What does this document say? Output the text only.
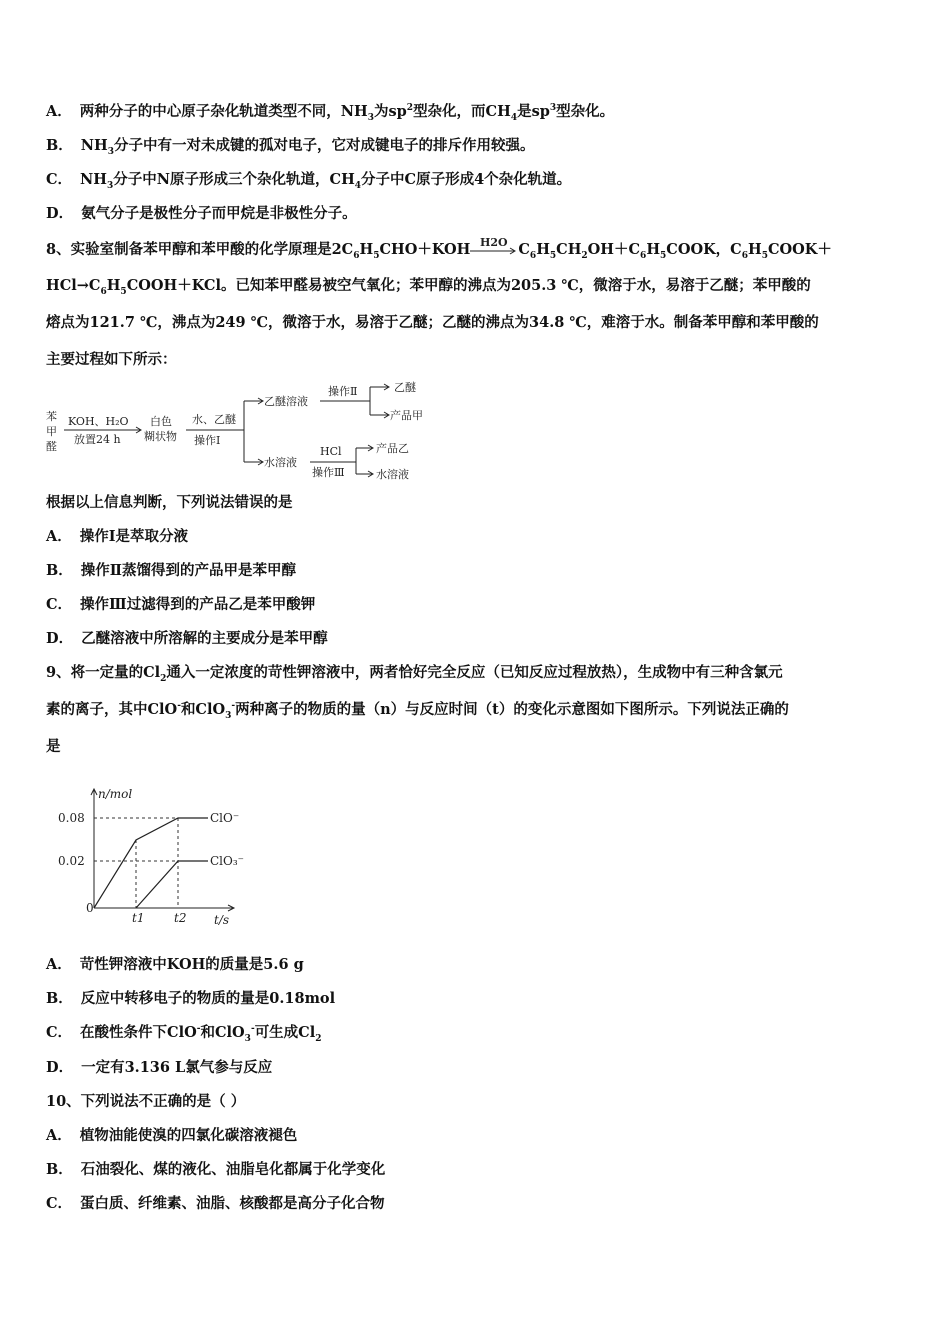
A． 两种分子的中心原子杂化轨道类型不同，$NH_3$为$sp^2$型杂化，而$CH_4$是$sp^3$型杂化。
B． $NH_3$分子中有一对未成键的孤对电子，它对成键电子的排斥作用较强。
C． $NH_3$分子中N原子形成三个杂化轨道，$CH_4$分子中C原子形成4个杂化轨道。
D． 氨气分子是极性分子而甲烷是非极性分子。
8、实验室制备苯甲醇和苯甲酸的化学原理是$2C_6H_5CHO+KOH$ H2O $C_6H_5CH_2OH+C_6H_5COOK$，$C_6H_5COOK+$
$HCl\to C_6H_5COOH+KCl$。已知苯甲醛易被空气氧化；苯甲醇的沸点为205.3 ℃，微溶于水，易溶于乙醚；苯甲酸的
熔点为121.7 ℃，沸点为249 ℃，微溶于水，易溶于乙醚；乙醚的沸点为34.8 ℃，难溶于水。制备苯甲醇和苯甲酸的
主要过程如下所示：
苯
甲
醛
KOH、H₂O
放置24 h
白色
糊状物
水、乙醚
操作Ⅰ
乙醚溶液
操作Ⅱ	乙醚
产品甲
水溶液
HCl
操作Ⅲ
产品乙
水溶液
根据以上信息判断，下列说法错误的是
A． 操作Ⅰ是萃取分液
B． 操作Ⅱ蒸馏得到的产品甲是苯甲醇
C． 操作Ⅲ过滤得到的产品乙是苯甲酸钾
D． 乙醚溶液中所溶解的主要成分是苯甲醇
9、将一定量的$Cl_2$通入一定浓度的苛性钾溶液中，两者恰好完全反应（已知反应过程放热），生成物中有三种含氯元
素的离子，其中ClO-和ClO$_3$-两种离子的物质的量（n）与反应时间（t）的变化示意图如下图所示。下列说法正确的
是
n/mol
t/s
0
0.08
0.02
t1 t2
ClO⁻
ClO₃⁻
A． 苛性钾溶液中KOH的质量是5.6 g
B． 反应中转移电子的物质的量是0.18mol
C． 在酸性条件下ClO-和ClO$_3$-可生成$Cl_2$
D． 一定有3.136 L氯气参与反应
10、下列说法不正确的是（ ）
A． 植物油能使溴的四氯化碳溶液褪色
B． 石油裂化、煤的液化、油脂皂化都属于化学变化
C． 蛋白质、纤维素、油脂、核酸都是高分子化合物
